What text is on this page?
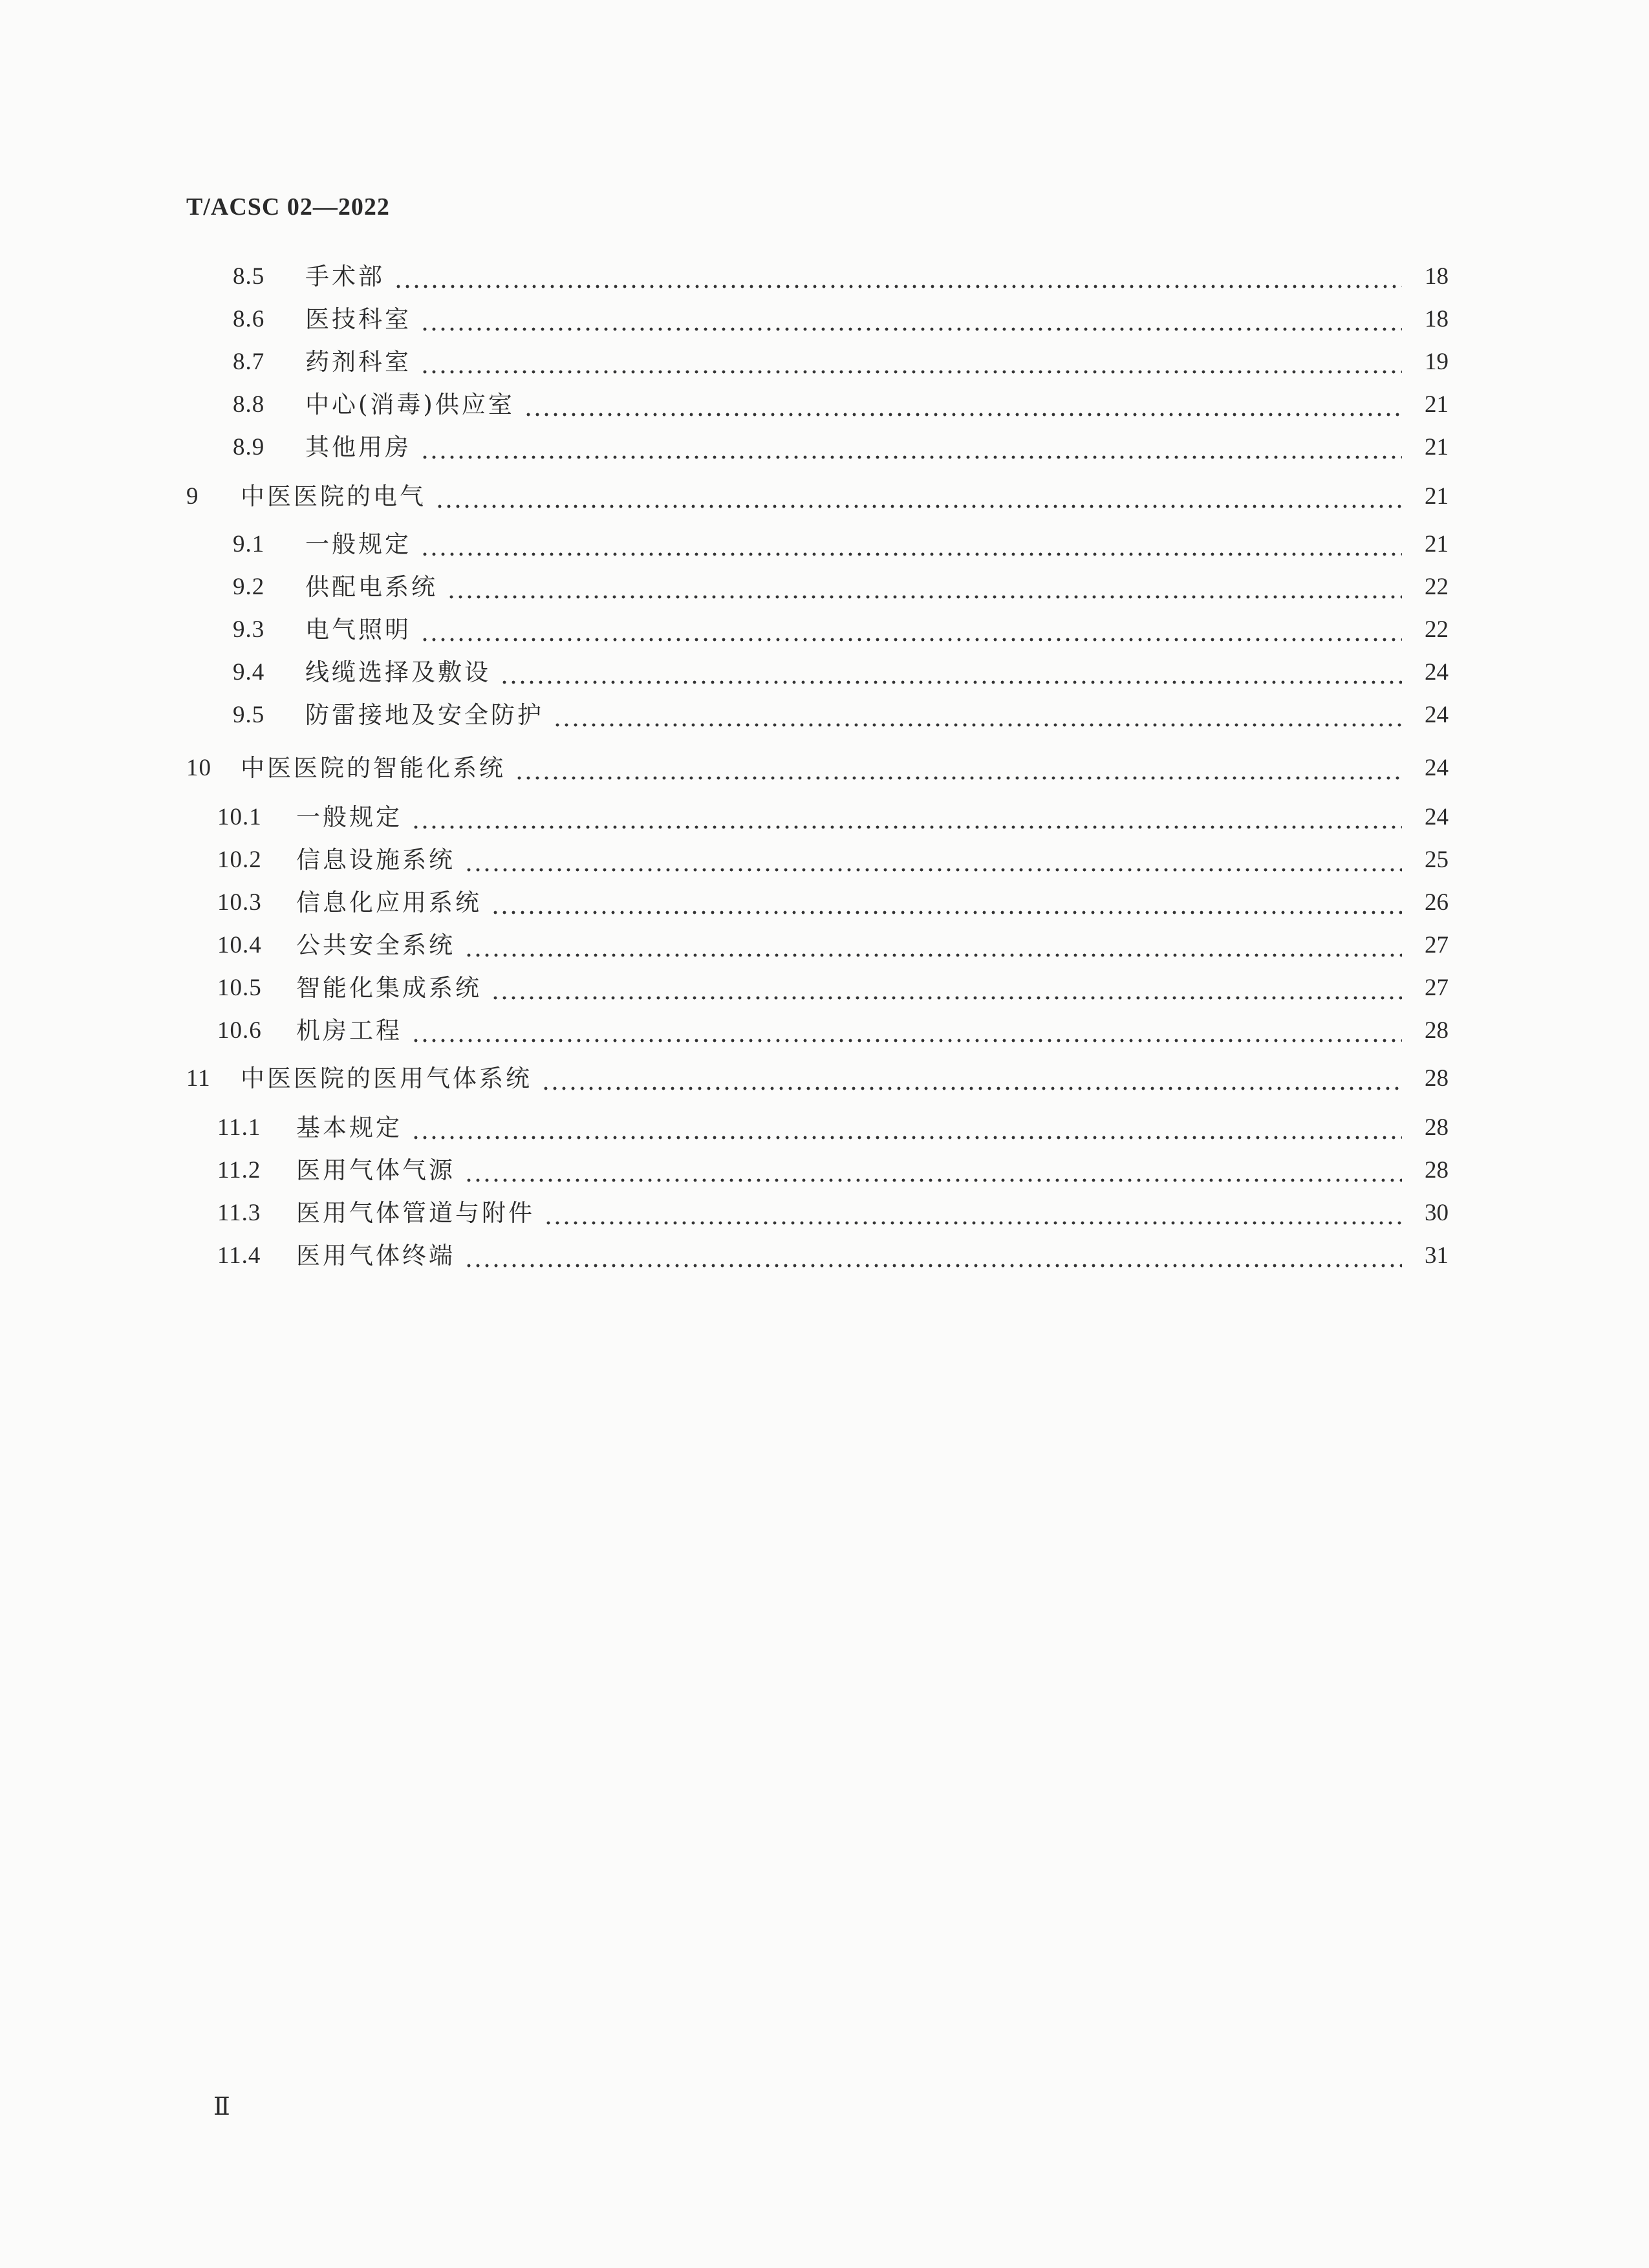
T/ACSC 02—2022

8.5	手术部	18
8.6	医技科室	18
8.7	药剂科室	19
8.8	中心(消毒)供应室	21
8.9	其他用房	21
9	中医医院的电气	21
9.1	一般规定	21
9.2	供配电系统	22
9.3	电气照明	22
9.4	线缆选择及敷设	24
9.5	防雷接地及安全防护	24
10	中医医院的智能化系统	24
10.1	一般规定	24
10.2	信息设施系统	25
10.3	信息化应用系统	26
10.4	公共安全系统	27
10.5	智能化集成系统	27
10.6	机房工程	28
11	中医医院的医用气体系统	28
11.1	基本规定	28
11.2	医用气体气源	28
11.3	医用气体管道与附件	30
11.4	医用气体终端	31

Ⅱ
